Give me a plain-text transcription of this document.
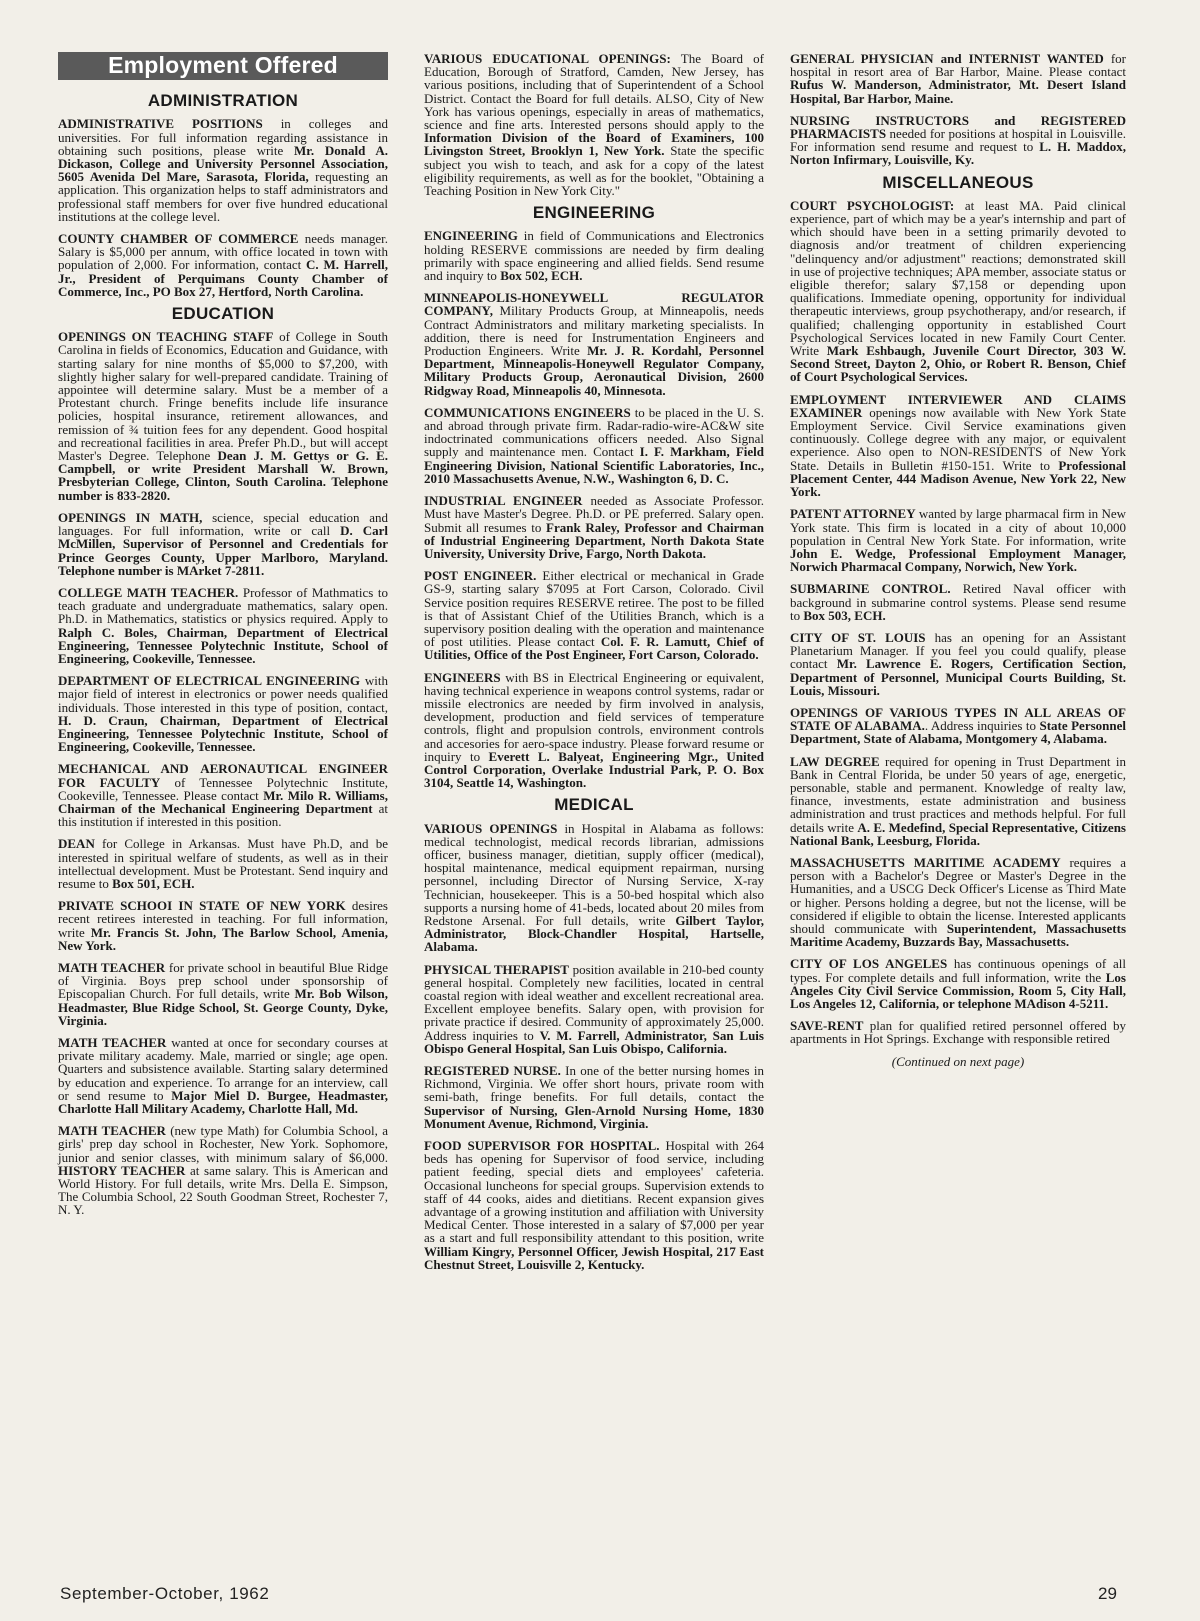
Employment Offered
ADMINISTRATION
ADMINISTRATIVE POSITIONS in colleges and universities. For full information regarding assistance in obtaining such positions, please write Mr. Donald A. Dickason, College and University Personnel Association, 5605 Avenida Del Mare, Sarasota, Florida, requesting an application. This organization helps to staff administrators and professional staff members for over five hundred educational institutions at the college level.
COUNTY CHAMBER OF COMMERCE needs manager. Salary is $5,000 per annum, with office located in town with population of 2,000. For information, contact C. M. Harrell, Jr., President of Perquimans County Chamber of Commerce, Inc., PO Box 27, Hertford, North Carolina.
EDUCATION
OPENINGS ON TEACHING STAFF of College in South Carolina in fields of Economics, Education and Guidance, with starting salary for nine months of $5,000 to $7,200, with slightly higher salary for well-prepared candidate. Training of appointee will determine salary. Must be a member of a Protestant church. Fringe benefits include life insurance policies, hospital insurance, retirement allowances, and remission of ¾ tuition fees for any dependent. Good hospital and recreational facilities in area. Prefer Ph.D., but will accept Master's Degree. Telephone Dean J. M. Gettys or G. E. Campbell, or write President Marshall W. Brown, Presbyterian College, Clinton, South Carolina. Telephone number is 833-2820.
OPENINGS IN MATH, science, special education and languages. For full information, write or call D. Carl McMillen, Supervisor of Personnel and Credentials for Prince Georges County, Upper Marlboro, Maryland. Telephone number is MArket 7-2811.
COLLEGE MATH TEACHER. Professor of Mathmatics to teach graduate and undergraduate mathematics, salary open. Ph.D. in Mathematics, statistics or physics required. Apply to Ralph C. Boles, Chairman, Department of Electrical Engineering, Tennessee Polytechnic Institute, School of Engineering, Cookeville, Tennessee.
DEPARTMENT OF ELECTRICAL ENGINEERING with major field of interest in electronics or power needs qualified individuals. Those interested in this type of position, contact, H. D. Craun, Chairman, Department of Electrical Engineering, Tennessee Polytechnic Institute, School of Engineering, Cookeville, Tennessee.
MECHANICAL AND AERONAUTICAL ENGINEER FOR FACULTY of Tennessee Polytechnic Institute, Cookeville, Tennessee. Please contact Mr. Milo R. Williams, Chairman of the Mechanical Engineering Department at this institution if interested in this position.
DEAN for College in Arkansas. Must have Ph.D, and be interested in spiritual welfare of students, as well as in their intellectual development. Must be Protestant. Send inquiry and resume to Box 501, ECH.
PRIVATE SCHOOI IN STATE OF NEW YORK desires recent retirees interested in teaching. For full information, write Mr. Francis St. John, The Barlow School, Amenia, New York.
MATH TEACHER for private school in beautiful Blue Ridge of Virginia. Boys prep school under sponsorship of Episcopalian Church. For full details, write Mr. Bob Wilson, Headmaster, Blue Ridge School, St. George County, Dyke, Virginia.
MATH TEACHER wanted at once for secondary courses at private military academy. Male, married or single; age open. Quarters and subsistence available. Starting salary determined by education and experience. To arrange for an interview, call or send resume to Major Miel D. Burgee, Headmaster, Charlotte Hall Military Academy, Charlotte Hall, Md.
MATH TEACHER (new type Math) for Columbia School, a girls' prep day school in Rochester, New York. Sophomore, junior and senior classes, with minimum salary of $6,000. HISTORY TEACHER at same salary. This is American and World History. For full details, write Mrs. Della E. Simpson, The Columbia School, 22 South Goodman Street, Rochester 7, N. Y.
VARIOUS EDUCATIONAL OPENINGS: The Board of Education, Borough of Stratford, Camden, New Jersey, has various positions, including that of Superintendent of a School District. Contact the Board for full details. ALSO, City of New York has various openings, especially in areas of mathematics, science and fine arts. Interested persons should apply to the Information Division of the Board of Examiners, 100 Livingston Street, Brooklyn 1, New York. State the specific subject you wish to teach, and ask for a copy of the latest eligibility requirements, as well as for the booklet, "Obtaining a Teaching Position in New York City."
ENGINEERING
ENGINEERING in field of Communications and Electronics holding RESERVE commissions are needed by firm dealing primarily with space engineering and allied fields. Send resume and inquiry to Box 502, ECH.
MINNEAPOLIS-HONEYWELL REGULATOR COMPANY, Military Products Group, at Minneapolis, needs Contract Administrators and military marketing specialists. In addition, there is need for Instrumentation Engineers and Production Engineers. Write Mr. J. R. Kordahl, Personnel Department, Minneapolis-Honeywell Regulator Company, Military Products Group, Aeronautical Division, 2600 Ridgway Road, Minneapolis 40, Minnesota.
COMMUNICATIONS ENGINEERS to be placed in the U. S. and abroad through private firm. Radar-radio-wire-AC&W site indoctrinated communications officers needed. Also Signal supply and maintenance men. Contact I. F. Markham, Field Engineering Division, National Scientific Laboratories, Inc., 2010 Massachusetts Avenue, N.W., Washington 6, D. C.
INDUSTRIAL ENGINEER needed as Associate Professor. Must have Master's Degree. Ph.D. or PE preferred. Salary open. Submit all resumes to Frank Raley, Professor and Chairman of Industrial Engineering Department, North Dakota State University, University Drive, Fargo, North Dakota.
POST ENGINEER. Either electrical or mechanical in Grade GS-9, starting salary $7095 at Fort Carson, Colorado. Civil Service position requires RESERVE retiree. The post to be filled is that of Assistant Chief of the Utilities Branch, which is a supervisory position dealing with the operation and maintenance of post utilities. Please contact Col. F. R. Lamutt, Chief of Utilities, Office of the Post Engineer, Fort Carson, Colorado.
ENGINEERS with BS in Electrical Engineering or equivalent, having technical experience in weapons control systems, radar or missile electronics are needed by firm involved in analysis, development, production and field services of temperature controls, flight and propulsion controls, environment controls and accesories for aero-space industry. Please forward resume or inquiry to Everett L. Balyeat, Engineering Mgr., United Control Corporation, Overlake Industrial Park, P. O. Box 3104, Seattle 14, Washington.
MEDICAL
VARIOUS OPENINGS in Hospital in Alabama as follows: medical technologist, medical records librarian, admissions officer, business manager, dietitian, supply officer (medical), hospital maintenance, medical equipment repairman, nursing personnel, including Director of Nursing Service, X-ray Technician, housekeeper. This is a 50-bed hospital which also supports a nursing home of 41-beds, located about 20 miles from Redstone Arsenal. For full details, write Gilbert Taylor, Administrator, Block-Chandler Hospital, Hartselle, Alabama.
PHYSICAL THERAPIST position available in 210-bed county general hospital. Completely new facilities, located in central coastal region with ideal weather and excellent recreational area. Excellent employee benefits. Salary open, with provision for private practice if desired. Community of approximately 25,000. Address inquiries to V. M. Farrell, Administrator, San Luis Obispo General Hospital, San Luis Obispo, California.
REGISTERED NURSE. In one of the better nursing homes in Richmond, Virginia. We offer short hours, private room with semi-bath, fringe benefits. For full details, contact the Supervisor of Nursing, Glen-Arnold Nursing Home, 1830 Monument Avenue, Richmond, Virginia.
FOOD SUPERVISOR FOR HOSPITAL. Hospital with 264 beds has opening for Supervisor of food service, including patient feeding, special diets and employees' cafeteria. Occasional luncheons for special groups. Supervision extends to staff of 44 cooks, aides and dietitians. Recent expansion gives advantage of a growing institution and affiliation with University Medical Center. Those interested in a salary of $7,000 per year as a start and full responsibility attendant to this position, write William Kingry, Personnel Officer, Jewish Hospital, 217 East Chestnut Street, Louisville 2, Kentucky.
GENERAL PHYSICIAN and INTERNIST WANTED for hospital in resort area of Bar Harbor, Maine. Please contact Rufus W. Manderson, Administrator, Mt. Desert Island Hospital, Bar Harbor, Maine.
NURSING INSTRUCTORS and REGISTERED PHARMACISTS needed for positions at hospital in Louisville. For information send resume and request to L. H. Maddox, Norton Infirmary, Louisville, Ky.
MISCELLANEOUS
COURT PSYCHOLOGIST: at least MA. Paid clinical experience, part of which may be a year's internship and part of which should have been in a setting primarily devoted to diagnosis and/or treatment of children experiencing "delinquency and/or adjustment" reactions; demonstrated skill in use of projective techniques; APA member, associate status or eligible therefor; salary $7,158 or depending upon qualifications. Immediate opening, opportunity for individual therapeutic interviews, group psychotherapy, and/or research, if qualified; challenging opportunity in established Court Psychological Services located in new Family Court Center. Write Mark Eshbaugh, Juvenile Court Director, 303 W. Second Street, Dayton 2, Ohio, or Robert R. Benson, Chief of Court Psychological Services.
EMPLOYMENT INTERVIEWER AND CLAIMS EXAMINER openings now available with New York State Employment Service. Civil Service examinations given continuously. College degree with any major, or equivalent experience. Also open to NON-RESIDENTS of New York State. Details in Bulletin #150-151. Write to Professional Placement Center, 444 Madison Avenue, New York 22, New York.
PATENT ATTORNEY wanted by large pharmacal firm in New York state. This firm is located in a city of about 10,000 population in Central New York State. For information, write John E. Wedge, Professional Employment Manager, Norwich Pharmacal Company, Norwich, New York.
SUBMARINE CONTROL. Retired Naval officer with background in submarine control systems. Please send resume to Box 503, ECH.
CITY OF ST. LOUIS has an opening for an Assistant Planetarium Manager. If you feel you could qualify, please contact Mr. Lawrence E. Rogers, Certification Section, Department of Personnel, Municipal Courts Building, St. Louis, Missouri.
OPENINGS OF VARIOUS TYPES IN ALL AREAS OF STATE OF ALABAMA.. Address inquiries to State Personnel Department, State of Alabama, Montgomery 4, Alabama.
LAW DEGREE required for opening in Trust Department in Bank in Central Florida, be under 50 years of age, energetic, personable, stable and permanent. Knowledge of realty law, finance, investments, estate administration and business administration and trust practices and methods helpful. For full details write A. E. Medefind, Special Representative, Citizens National Bank, Leesburg, Florida.
MASSACHUSETTS MARITIME ACADEMY requires a person with a Bachelor's Degree or Master's Degree in the Humanities, and a USCG Deck Officer's License as Third Mate or higher. Persons holding a degree, but not the license, will be considered if eligible to obtain the license. Interested applicants should communicate with Superintendent, Massachusetts Maritime Academy, Buzzards Bay, Massachusetts.
CITY OF LOS ANGELES has continuous openings of all types. For complete details and full information, write the Los Angeles City Civil Service Commission, Room 5, City Hall, Los Angeles 12, California, or telephone MAdison 4-5211.
SAVE-RENT plan for qualified retired personnel offered by apartments in Hot Springs. Exchange with responsible retired
(Continued on next page)
September-October, 1962	29
